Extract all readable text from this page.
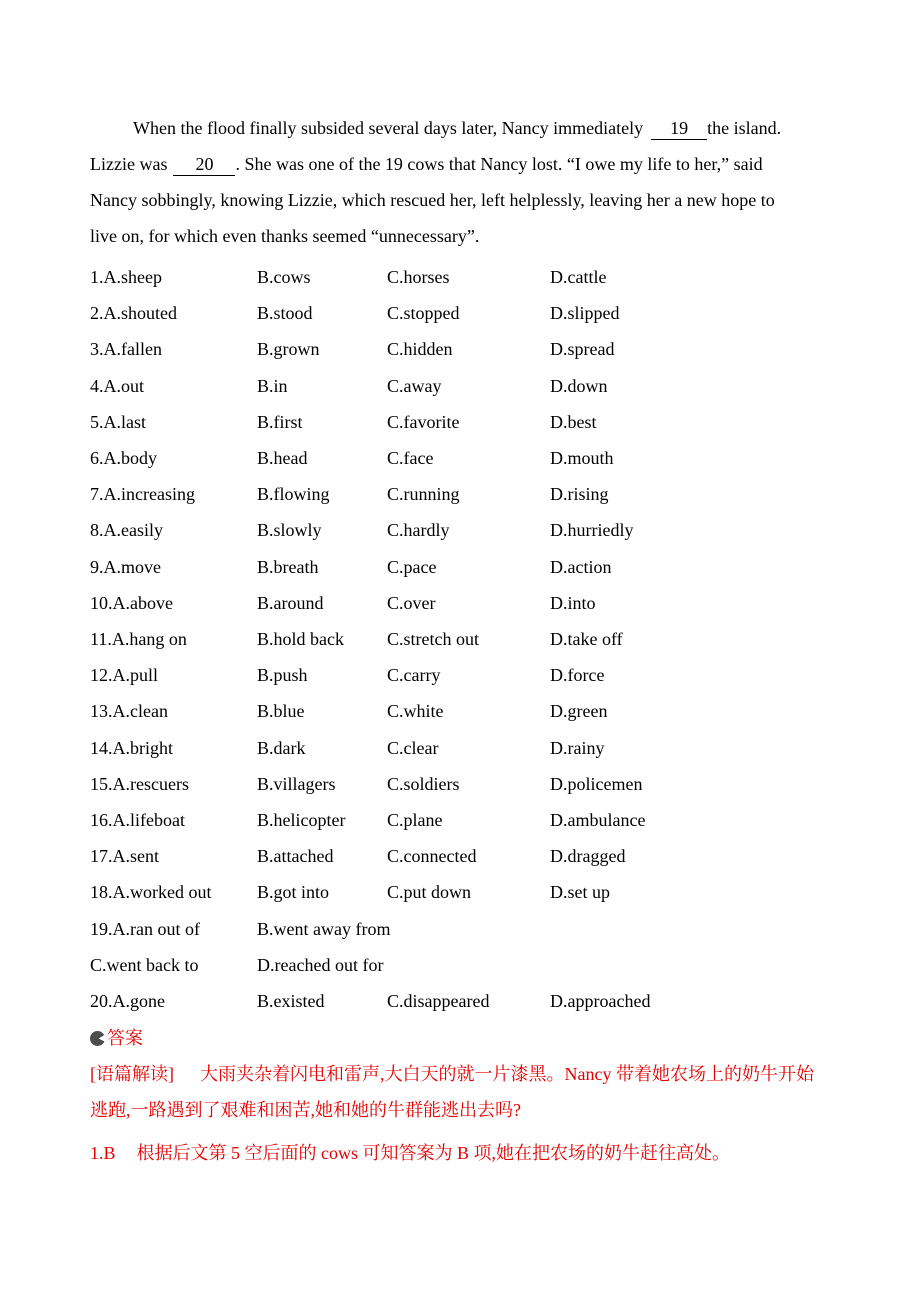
When the flood finally subsided several days later, Nancy immediately 19 the island.

Lizzie was 20 . She was one of the 19 cows that Nancy lost. “I owe my life to her,” said

Nancy sobbingly, knowing Lizzie, which rescued her, left helplessly, leaving her a new hope to

live on, for which even thanks seemed “unnecessary”.

1.A.sheep	B.cows	C.horses	D.cattle
2.A.shouted	B.stood	C.stopped	D.slipped
3.A.fallen	B.grown	C.hidden	D.spread
4.A.out	B.in	C.away	D.down
5.A.last	B.first	C.favorite	D.best
6.A.body	B.head	C.face	D.mouth
7.A.increasing	B.flowing	C.running	D.rising
8.A.easily	B.slowly	C.hardly	D.hurriedly
9.A.move	B.breath	C.pace	D.action
10.A.above	B.around	C.over	D.into
11.A.hang on	B.hold back	C.stretch out	D.take off
12.A.pull	B.push	C.carry	D.force
13.A.clean	B.blue	C.white	D.green
14.A.bright	B.dark	C.clear	D.rainy
15.A.rescuers	B.villagers	C.soldiers	D.policemen
16.A.lifeboat	B.helicopter	C.plane	D.ambulance
17.A.sent	B.attached	C.connected	D.dragged
18.A.worked out	B.got into	C.put down	D.set up
19.A.ran out of	B.went away from
C.went back to	D.reached out for
20.A.gone	B.existed	C.disappeared	D.approached
答案

[语篇解读] 大雨夹杂着闪电和雷声,大白天的就一片漆黑。Nancy 带着她农场上的奶牛开始

逃跑,一路遇到了艰难和困苦,她和她的牛群能逃出去吗?

1.B 根据后文第 5 空后面的 cows 可知答案为 B 项,她在把农场的奶牛赶往高处。
